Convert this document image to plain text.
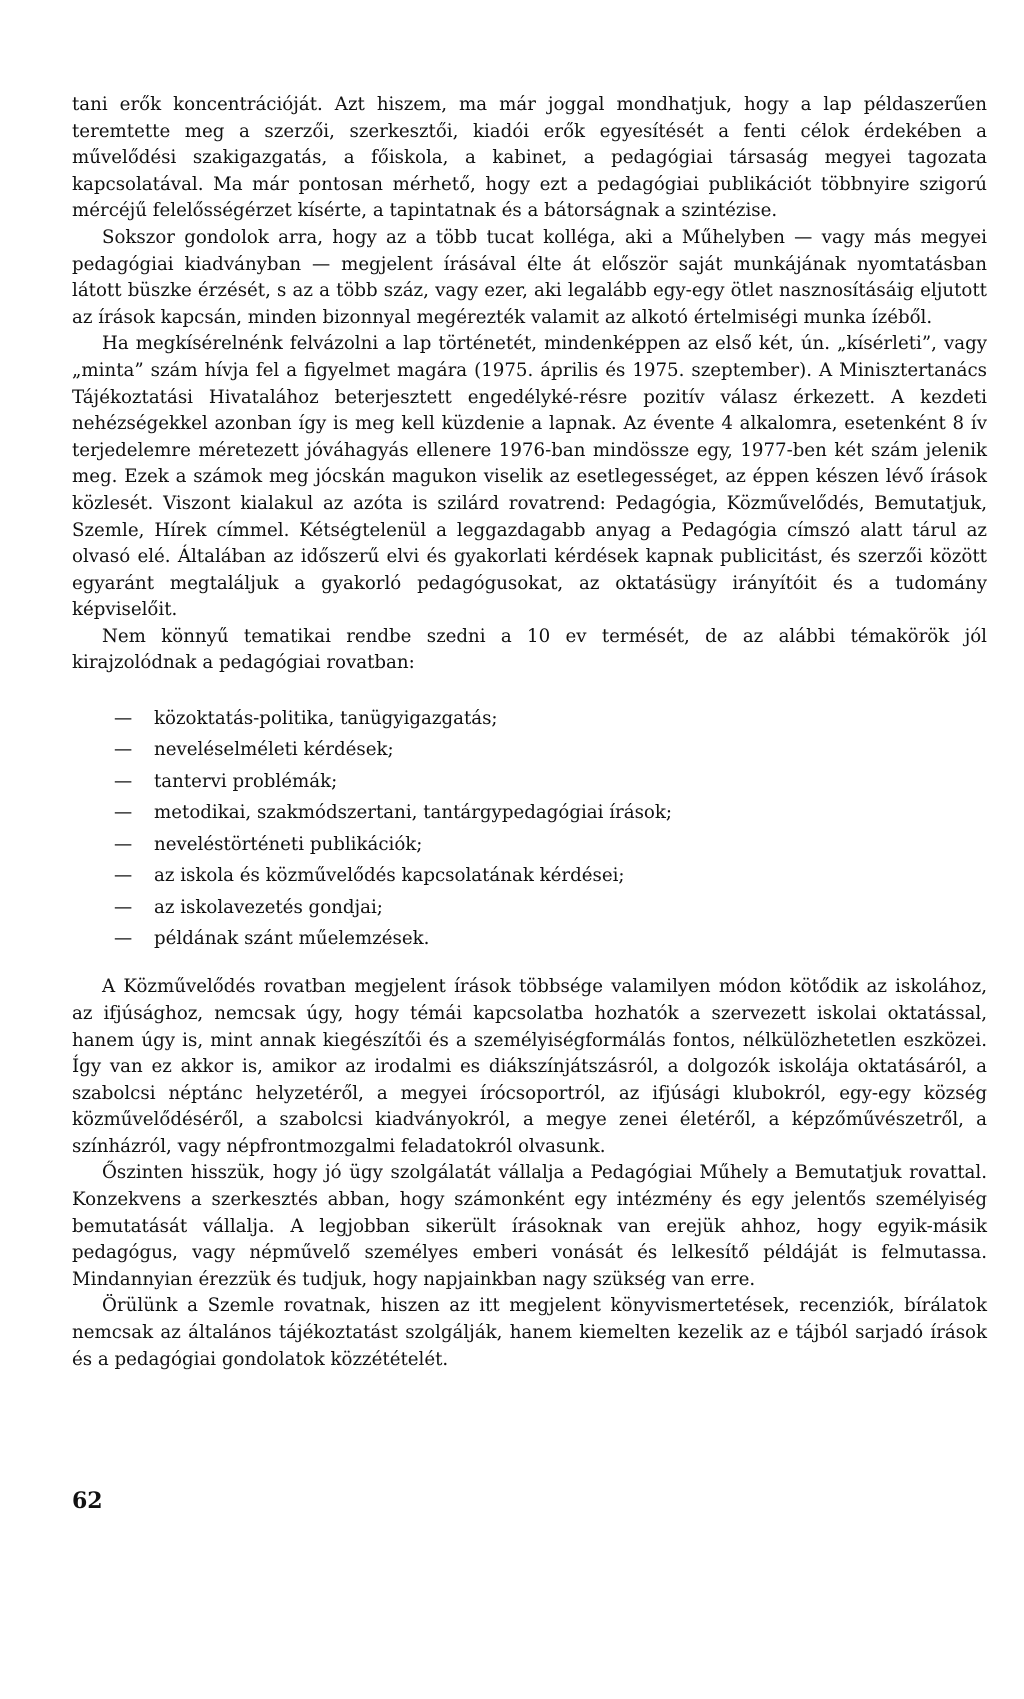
tani erők koncentrációját. Azt hiszem, ma már joggal mondhatjuk, hogy a lap példaszerűen teremtette meg a szerzői, szerkesztői, kiadói erők egyesítését a fenti célok érdekében a művelődési szakigazgatás, a főiskola, a kabinet, a pedagógiai társaság megyei tagozata kapcsolatával. Ma már pontosan mérhető, hogy ezt a pedagógiai publikációt többnyire szigorú mércéjű felelősségérzet kísérte, a tapintatnak és a bátorságnak a szintézise.

Sokszor gondolok arra, hogy az a több tucat kolléga, aki a Műhelyben — vagy más megyei pedagógiai kiadványban — megjelent írásával élte át először saját munkájának nyomtatásban látott büszke érzését, s az a több száz, vagy ezer, aki legalább egy-egy ötlet nasznosításáig eljutott az írások kapcsán, minden bizonnyal megérezték valamit az alkotó értelmiségi munka ízéből.

Ha megkísérelnénk felvázolni a lap történetét, mindenképpen az első két, ún. „kísérleti”, vagy „minta” szám hívja fel a figyelmet magára (1975. április és 1975. szeptember). A Minisztertanács Tájékoztatási Hivatalához beterjesztett engedélyké-résre pozitív válasz érkezett. A kezdeti nehézségekkel azonban így is meg kell küzdenie a lapnak. Az évente 4 alkalomra, esetenként 8 ív terjedelemre méretezett jóváhagyás ellenere 1976-ban mindössze egy, 1977-ben két szám jelenik meg. Ezek a számok meg jócskán magukon viselik az esetlegességet, az éppen készen lévő írások közlesét. Viszont kialakul az azóta is szilárd rovatrend: Pedagógia, Közművelődés, Bemutatjuk, Szemle, Hírek címmel. Kétségtelenül a leggazdagabb anyag a Pedagógia címszó alatt tárul az olvasó elé. Általában az időszerű elvi és gyakorlati kérdések kapnak publicitást, és szerzői között egyaránt megtaláljuk a gyakorló pedagógusokat, az oktatásügy irányítóit és a tudomány képviselőit.

Nem könnyű tematikai rendbe szedni a 10 ev termését, de az alábbi témakörök jól kirajzolódnak a pedagógiai rovatban:

— közoktatás-politika, tanügyigazgatás;
— neveléselméleti kérdések;
— tantervi problémák;
— metodikai, szakmódszertani, tantárgypedagógiai írások;
— neveléstörténeti publikációk;
— az iskola és közművelődés kapcsolatának kérdései;
— az iskolavezetés gondjai;
— példának szánt műelemzések.

A Közművelődés rovatban megjelent írások többsége valamilyen módon kötődik az iskolához, az ifjúsághoz, nemcsak úgy, hogy témái kapcsolatba hozhatók a szervezett iskolai oktatással, hanem úgy is, mint annak kiegészítői és a személyiségformálás fontos, nélkülözhetetlen eszközei. Így van ez akkor is, amikor az irodalmi es diákszínjátszásról, a dolgozók iskolája oktatásáról, a szabolcsi néptánc helyzetéről, a megyei írócsoportról, az ifjúsági klubokról, egy-egy község közművelődéséről, a szabolcsi kiadványokról, a megye zenei életéről, a képzőművészetről, a színházról, vagy népfrontmozgalmi feladatokról olvasunk.

Őszinten hisszük, hogy jó ügy szolgálatát vállalja a Pedagógiai Műhely a Bemutatjuk rovattal. Konzekvens a szerkesztés abban, hogy számonként egy intézmény és egy jelentős személyiség bemutatását vállalja. A legjobban sikerült írásoknak van erejük ahhoz, hogy egyik-másik pedagógus, vagy népművelő személyes emberi vonását és lelkesítő példáját is felmutassa. Mindannyian érezzük és tudjuk, hogy napjainkban nagy szükség van erre.

Örülünk a Szemle rovatnak, hiszen az itt megjelent könyvismertetések, recenziók, bírálatok nemcsak az általános tájékoztatást szolgálják, hanem kiemelten kezelik az e tájból sarjadó írások és a pedagógiai gondolatok közzétételét.

62
